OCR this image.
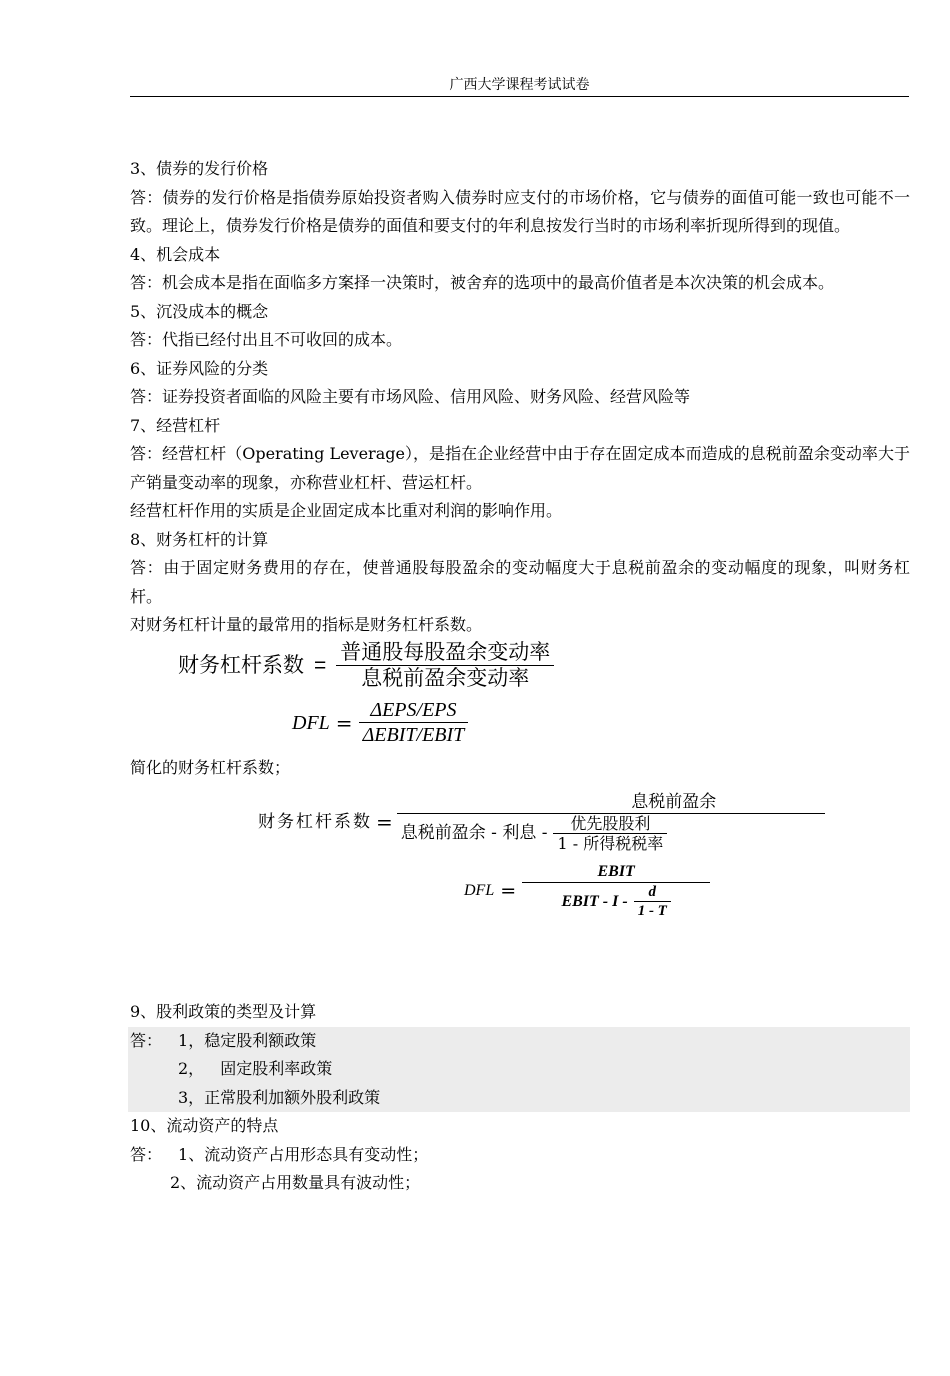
广西大学课程考试试卷

3、债券的发行价格

答：债券的发行价格是指债券原始投资者购入债券时应支付的市场价格，它与债券的面值可能一致也可能不一致。理论上，债券发行价格是债券的面值和要支付的年利息按发行当时的市场利率折现所得到的现值。

4、机会成本

答：机会成本是指在面临多方案择一决策时，被舍弃的选项中的最高价值者是本次决策的机会成本。

5、沉没成本的概念

答：代指已经付出且不可收回的成本。

6、证券风险的分类

答：证券投资者面临的风险主要有市场风险、信用风险、财务风险、经营风险等

7、经营杠杆

答：经营杠杆（Operating Leverage），是指在企业经营中由于存在固定成本而造成的息税前盈余变动率大于产销量变动率的现象，亦称营业杠杆、营运杠杆。

经营杠杆作用的实质是企业固定成本比重对利润的影响作用。

8、财务杠杆的计算

答：由于固定财务费用的存在，使普通股每股盈余的变动幅度大于息税前盈余的变动幅度的现象，叫财务杠杆。

对财务杠杆计量的最常用的指标是财务杠杆系数。

财务杠杆系数 = $\frac{\text{普通股每股盈余变动率}}{\text{息税前盈余变动率}}$
DFL = $\frac{\text{ΔEPS/EPS}}{\text{ΔEBIT/EBIT}}$

简化的财务杠杆系数；

财务杠杆系数 =
息税前盈余
息税前盈余 - 利息 - $\frac{\text{优先股股利}}{\text{1 - 所得税税率}}$
DFL = $\frac{\text{EBIT}}{EBIT - I - \frac{d}{1 - T}}$

9、股利政策的类型及计算

答： 1，稳定股利额政策

2， 固定股利率政策

3，正常股利加额外股利政策

10、流动资产的特点

答： 1、流动资产占用形态具有变动性；

2、流动资产占用数量具有波动性；
